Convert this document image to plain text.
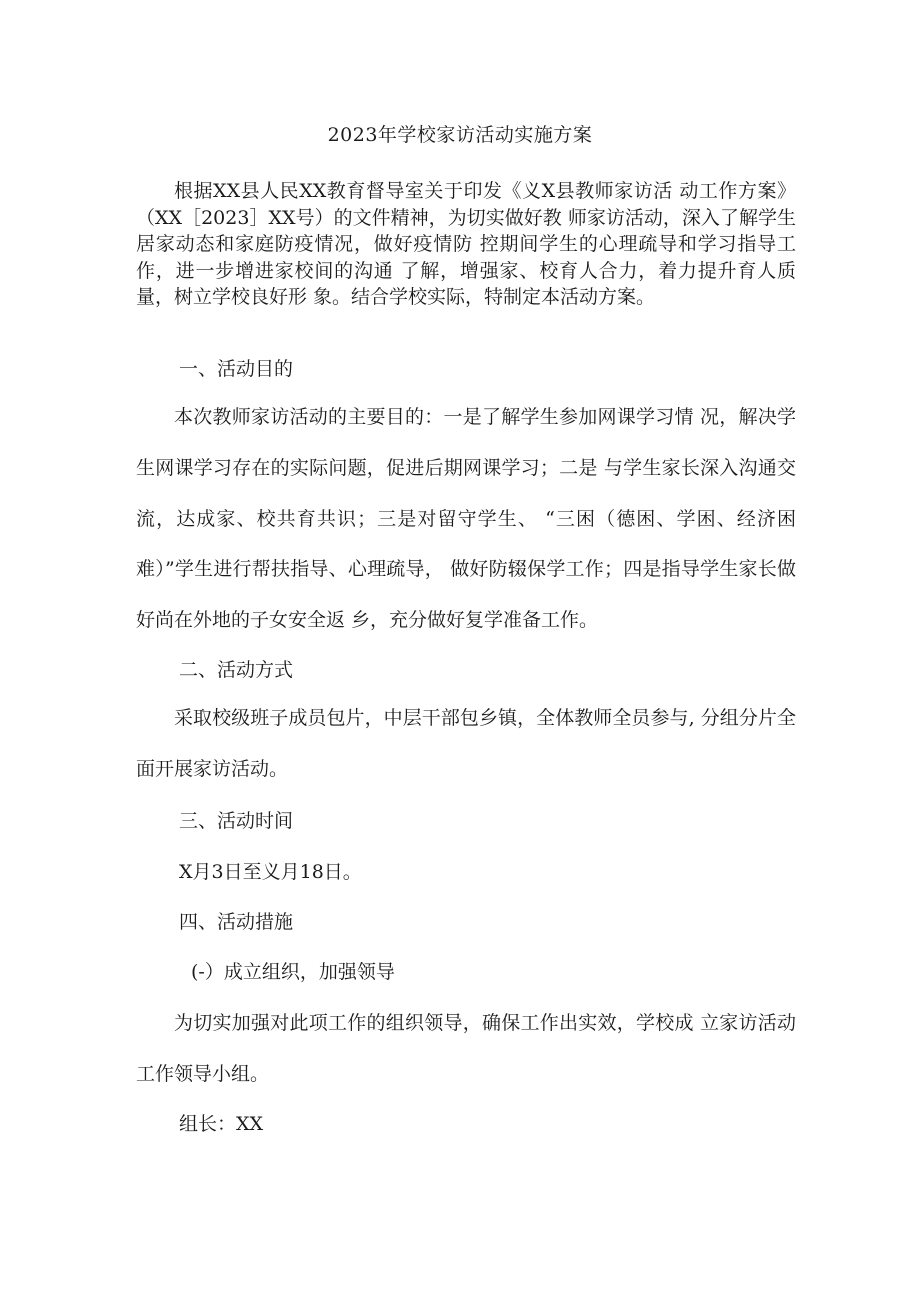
2023年学校家访活动实施方案

根据XX县人民XX教育督导室关于印发《义X县教师家访活 动工作方案》（XX［2023］XX号）的文件精神，为切实做好教 师家访活动，深入了解学生居家动态和家庭防疫情况，做好疫情防 控期间学生的心理疏导和学习指导工作，进一步增进家校间的沟通 了解，增强家、校育人合力，着力提升育人质量，树立学校良好形 象。结合学校实际，特制定本活动方案。

一、活动目的

本次教师家访活动的主要目的：一是了解学生参加网课学习情 况，解决学生网课学习存在的实际问题，促进后期网课学习；二是 与学生家长深入沟通交流，达成家、校共育共识；三是对留守学生、 “三困（德困、学困、经济困难）”学生进行帮扶指导、心理疏导， 做好防辍保学工作；四是指导学生家长做好尚在外地的子女安全返 乡，充分做好复学准备工作。

二、活动方式

采取校级班子成员包片，中层干部包乡镇，全体教师全员参与, 分组分片全面开展家访活动。

三、活动时间

X月3日至义月18日。

四、活动措施

(-）成立组织，加强领导

为切实加强对此项工作的组织领导，确保工作出实效，学校成 立家访活动工作领导小组。

组长：XX
